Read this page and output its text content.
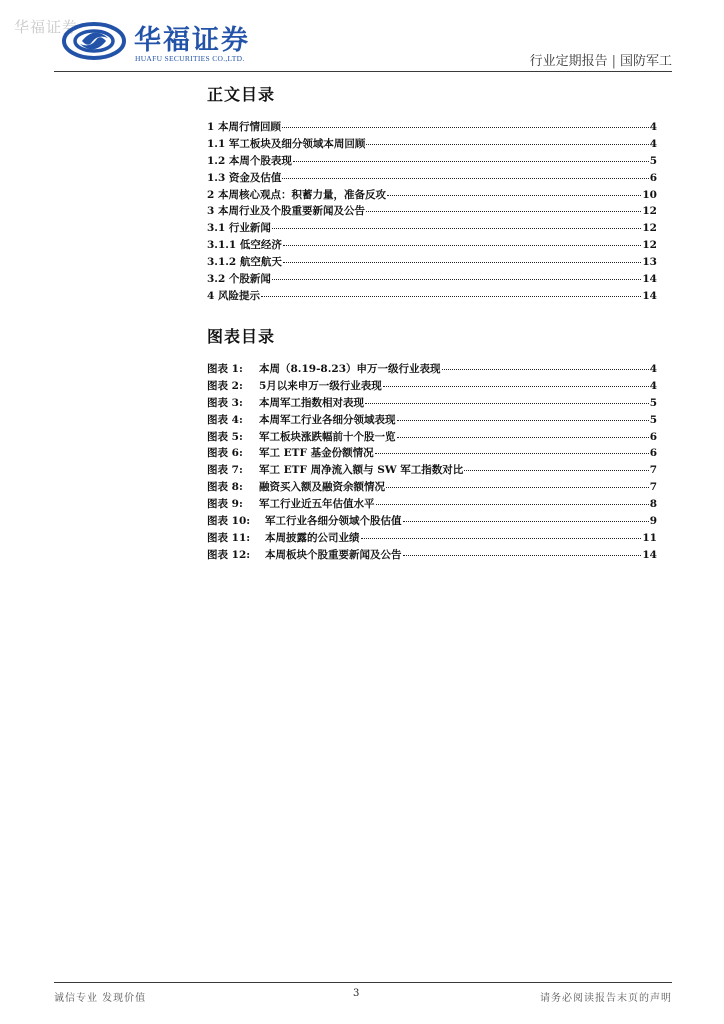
华福证券 华福证券
HUAFU SECURITIES CO.,LTD.	行业定期报告 | 国防军工
正文目录
1 本周行情回顾	4
1.1 军工板块及细分领域本周回顾	4
1.2 本周个股表现	5
1.3 资金及估值	6
2 本周核心观点：积蓄力量，准备反攻	10
3 本周行业及个股重要新闻及公告	12
3.1 行业新闻	12
3.1.1 低空经济	12
3.1.2 航空航天	13
3.2 个股新闻	14
4 风险提示	14
图表目录
图表 1: 本周（8.19-8.23）申万一级行业表现	4
图表 2: 5月以来申万一级行业表现	4
图表 3: 本周军工指数相对表现	5
图表 4: 本周军工行业各细分领域表现	5
图表 5: 军工板块涨跌幅前十个股一览	6
图表 6: 军工 ETF 基金份额情况	6
图表 7: 军工 ETF 周净流入额与 SW 军工指数对比	7
图表 8: 融资买入额及融资余额情况	7
图表 9: 军工行业近五年估值水平	8
图表 10: 军工行业各细分领域个股估值	9
图表 11: 本周披露的公司业绩	11
图表 12: 本周板块个股重要新闻及公告	14
诚信专业 发现价值	3	请务必阅读报告末页的声明
